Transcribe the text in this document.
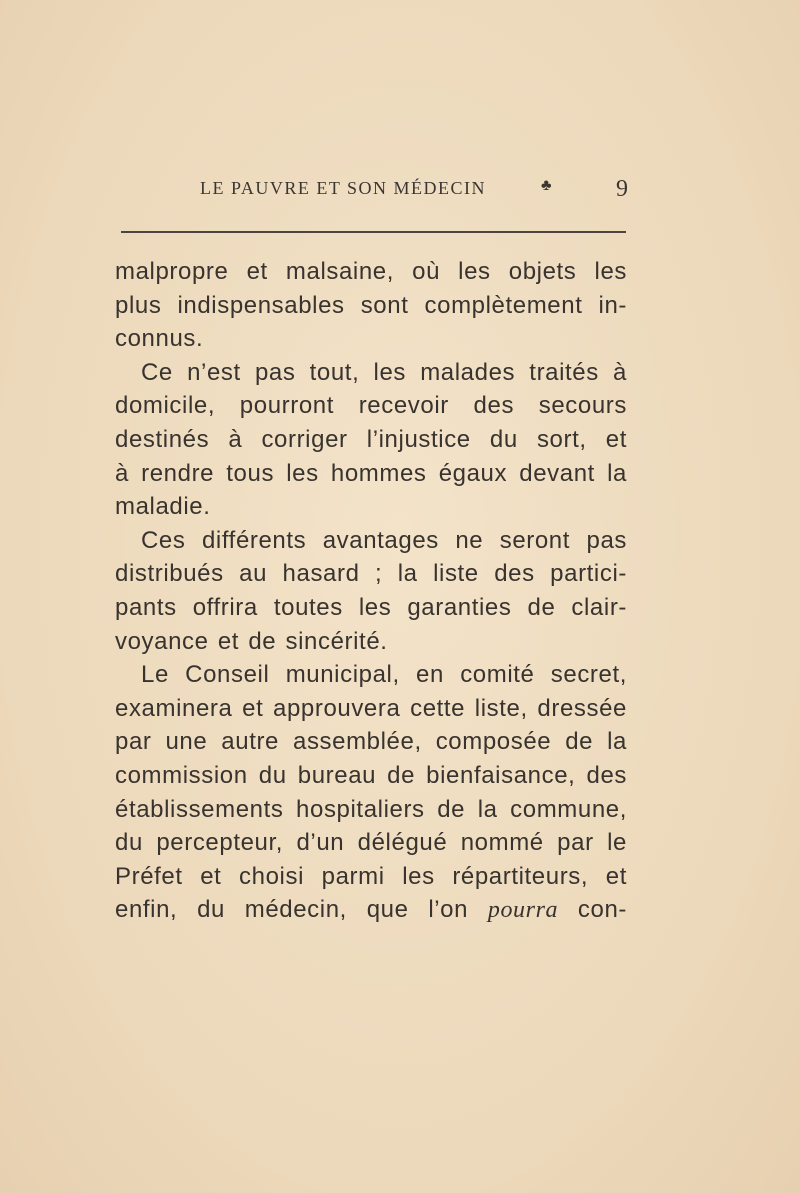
LE PAUVRE ET SON MÉDECIN	♣	9
malpropre et malsaine, où les objets les
plus indispensables sont complètement in-
connus.
Ce n’est pas tout, les malades traités à
domicile, pourront recevoir des secours
destinés à corriger l’injustice du sort, et
à rendre tous les hommes égaux devant la
maladie.
Ces différents avantages ne seront pas
distribués au hasard ; la liste des partici-
pants offrira toutes les garanties de clair-
voyance et de sincérité.
Le Conseil municipal, en comité secret,
examinera et approuvera cette liste, dressée
par une autre assemblée, composée de la
commission du bureau de bienfaisance, des
établissements hospitaliers de la commune,
du percepteur, d’un délégué nommé par le
Préfet et choisi parmi les répartiteurs, et
enfin, du médecin, que l’on pourra con-
